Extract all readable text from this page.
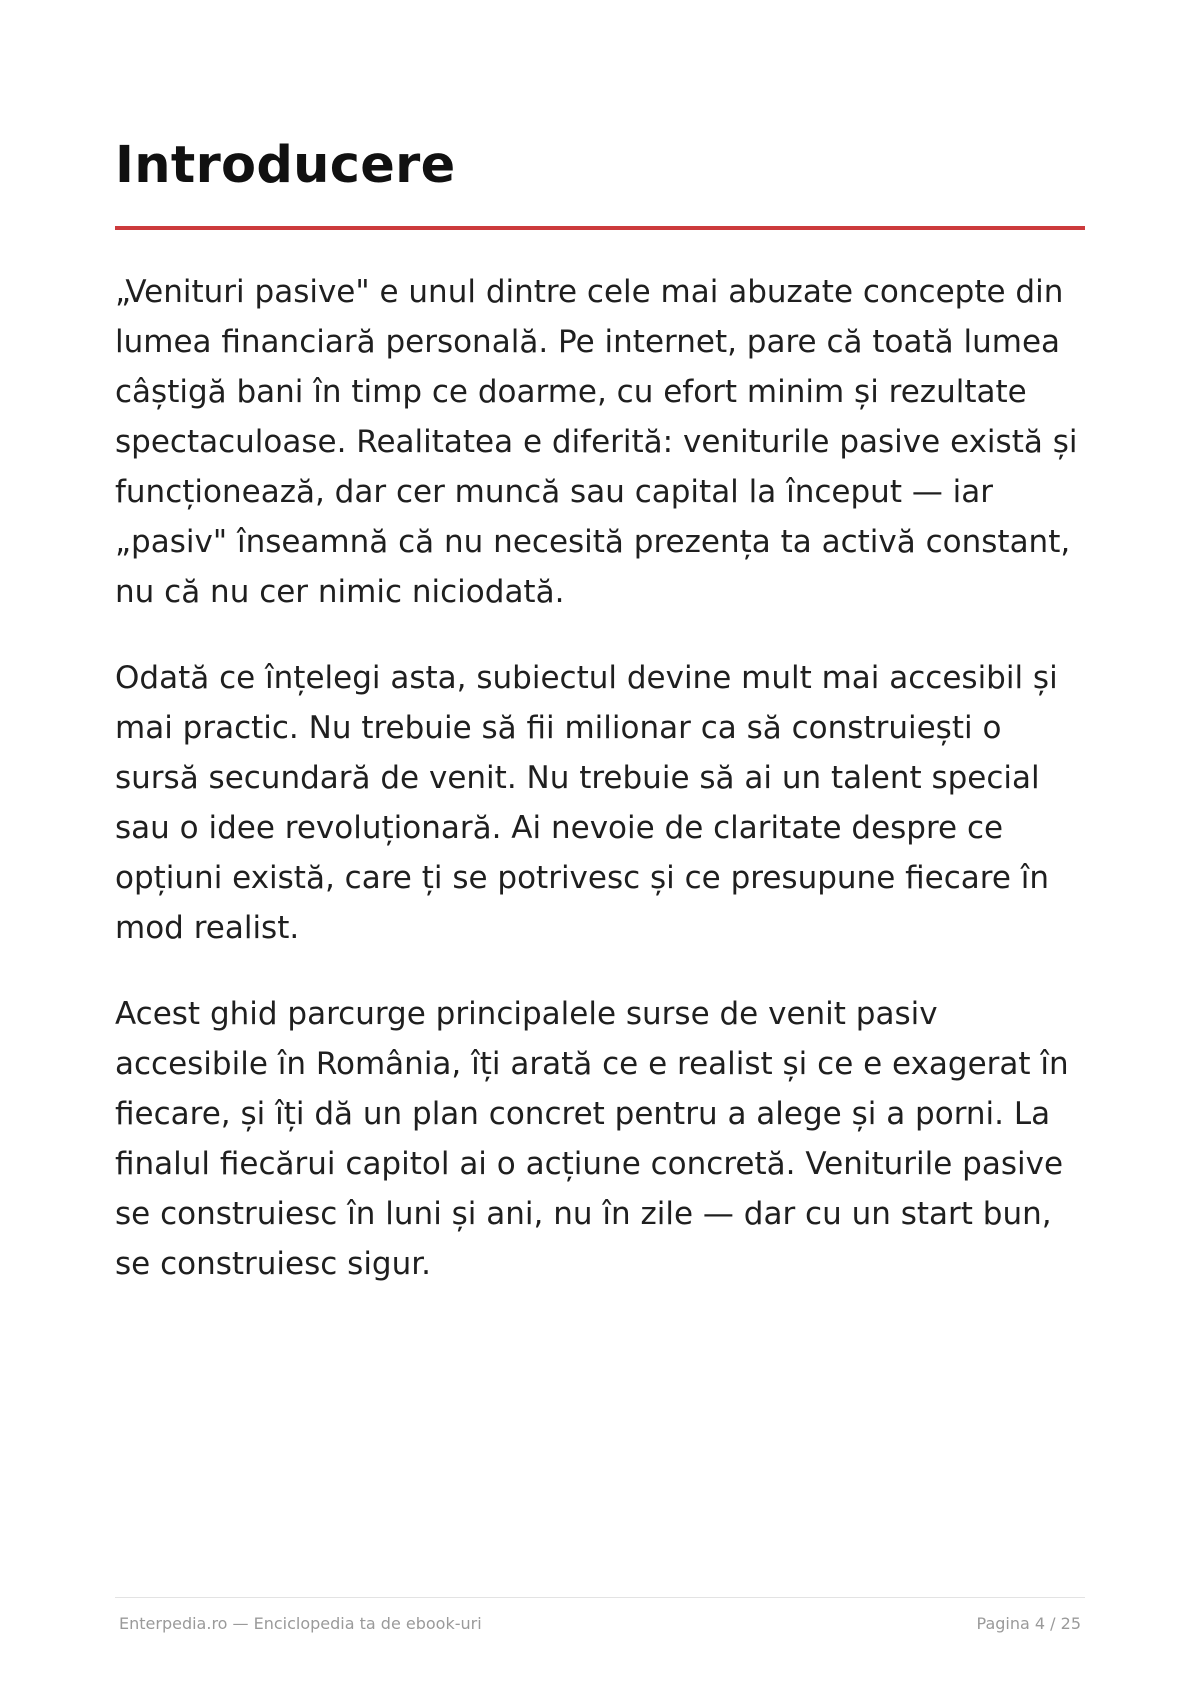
Introducere

„Venituri pasive" e unul dintre cele mai abuzate concepte din lumea financiară personală. Pe internet, pare că toată lumea câștigă bani în timp ce doarme, cu efort minim și rezultate spectaculoase. Realitatea e diferită: veniturile pasive există și funcționează, dar cer muncă sau capital la început — iar „pasiv" înseamnă că nu necesită prezența ta activă constant, nu că nu cer nimic niciodată.

Odată ce înțelegi asta, subiectul devine mult mai accesibil și mai practic. Nu trebuie să fii milionar ca să construiești o sursă secundară de venit. Nu trebuie să ai un talent special sau o idee revoluționară. Ai nevoie de claritate despre ce opțiuni există, care ți se potrivesc și ce presupune fiecare în mod realist.

Acest ghid parcurge principalele surse de venit pasiv accesibile în România, îți arată ce e realist și ce e exagerat în fiecare, și îți dă un plan concret pentru a alege și a porni. La finalul fiecărui capitol ai o acțiune concretă. Veniturile pasive se construiesc în luni și ani, nu în zile — dar cu un start bun, se construiesc sigur.

Enterpedia.ro — Enciclopedia ta de ebook-uri	Pagina 4 / 25
